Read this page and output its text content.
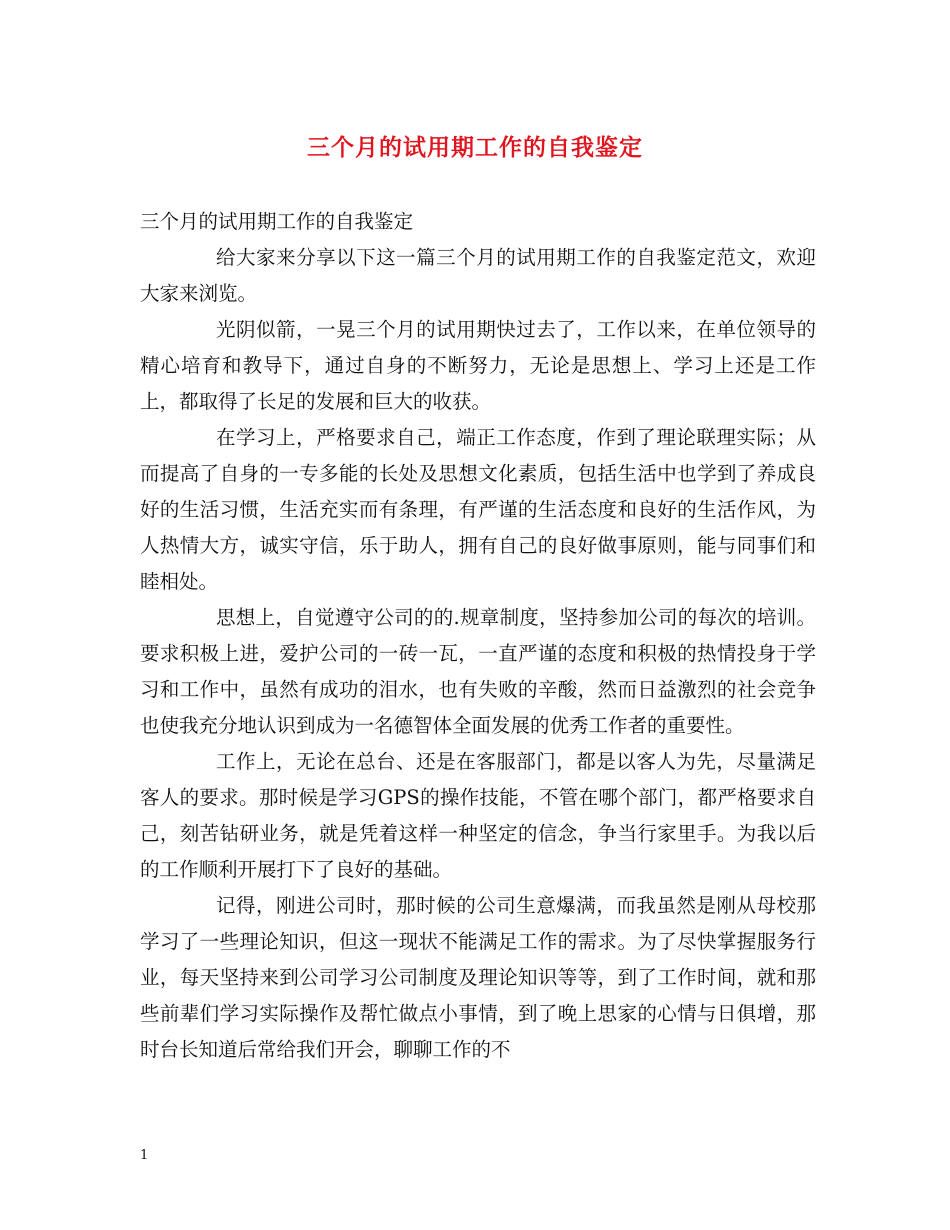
三个月的试用期工作的自我鉴定

三个月的试用期工作的自我鉴定

给大家来分享以下这一篇三个月的试用期工作的自我鉴定范文，欢迎大家来浏览。

光阴似箭，一晃三个月的试用期快过去了，工作以来，在单位领导的精心培育和教导下，通过自身的不断努力，无论是思想上、学习上还是工作上，都取得了长足的发展和巨大的收获。

在学习上，严格要求自己，端正工作态度，作到了理论联理实际；从而提高了自身的一专多能的长处及思想文化素质，包括生活中也学到了养成良好的生活习惯，生活充实而有条理，有严谨的生活态度和良好的生活作风，为人热情大方，诚实守信，乐于助人，拥有自己的良好做事原则，能与同事们和睦相处。

思想上，自觉遵守公司的的.规章制度，坚持参加公司的每次的培训。要求积极上进，爱护公司的一砖一瓦，一直严谨的态度和积极的热情投身于学习和工作中，虽然有成功的泪水，也有失败的辛酸，然而日益激烈的社会竞争也使我充分地认识到成为一名德智体全面发展的优秀工作者的重要性。

工作上，无论在总台、还是在客服部门，都是以客人为先，尽量满足客人的要求。那时候是学习GPS的操作技能，不管在哪个部门，都严格要求自己，刻苦钻研业务，就是凭着这样一种坚定的信念，争当行家里手。为我以后的工作顺利开展打下了良好的基础。

记得，刚进公司时，那时候的公司生意爆满，而我虽然是刚从母校那学习了一些理论知识，但这一现状不能满足工作的需求。为了尽快掌握服务行业，每天坚持来到公司学习公司制度及理论知识等等，到了工作时间，就和那些前辈们学习实际操作及帮忙做点小事情，到了晚上思家的心情与日俱增，那时台长知道后常给我们开会，聊聊工作的不

1
